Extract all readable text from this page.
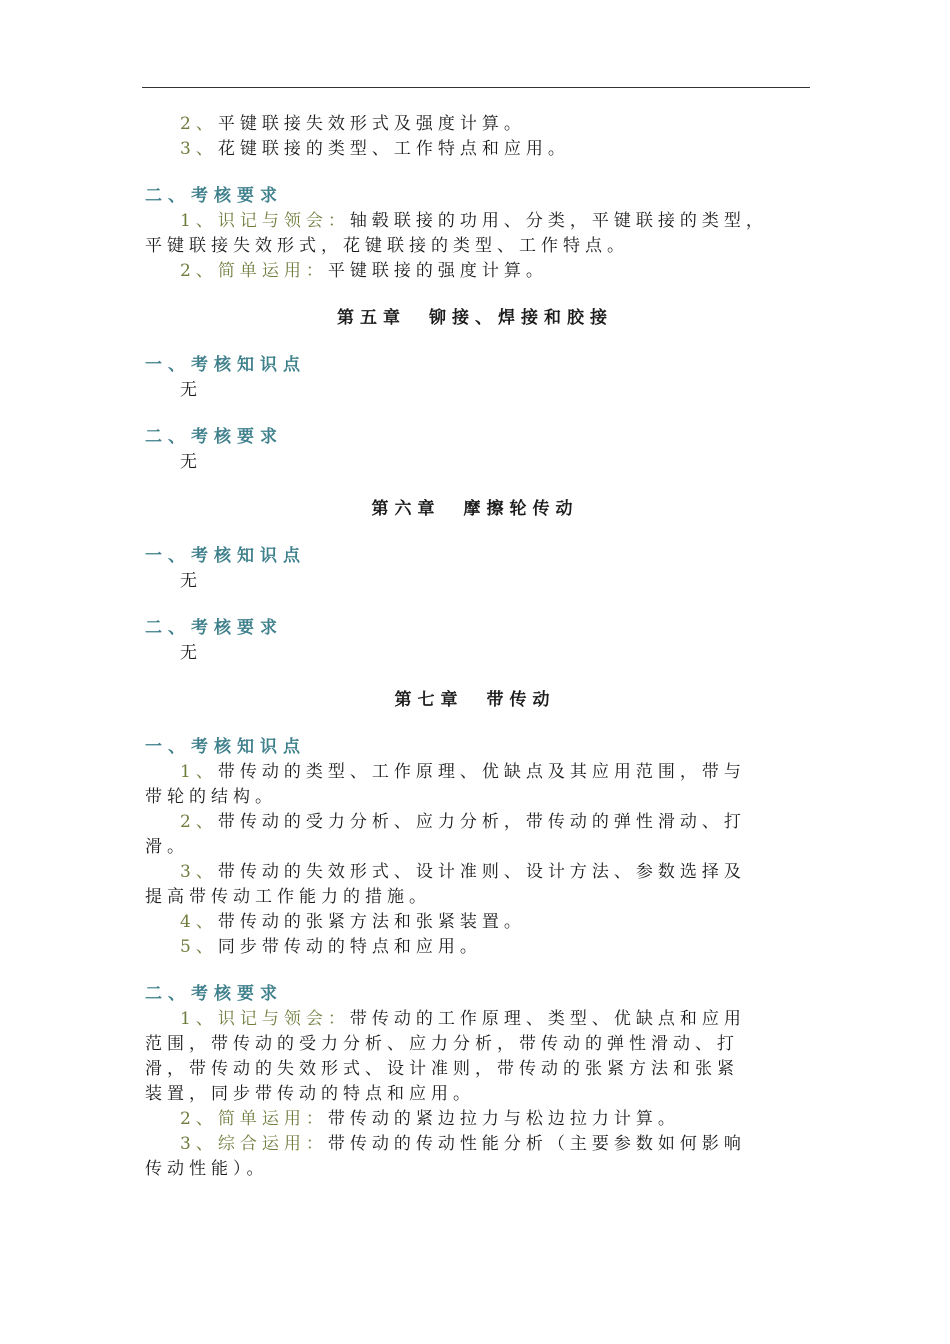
2、平键联接失效形式及强度计算。
3、花键联接的类型、工作特点和应用。
二、考核要求
1、识记与领会：轴毂联接的功用、分类，平键联接的类型，
平键联接失效形式，花键联接的类型、工作特点。
2、简单运用：平键联接的强度计算。
第五章　铆接、焊接和胶接
一、考核知识点
无
二、考核要求
无
第六章　摩擦轮传动
一、考核知识点
无
二、考核要求
无
第七章　带传动
一、考核知识点
1、带传动的类型、工作原理、优缺点及其应用范围，带与
带轮的结构。
2、带传动的受力分析、应力分析，带传动的弹性滑动、打
滑。
3、带传动的失效形式、设计准则、设计方法、参数选择及
提高带传动工作能力的措施。
4、带传动的张紧方法和张紧装置。
5、同步带传动的特点和应用。
二、考核要求
1、识记与领会：带传动的工作原理、类型、优缺点和应用
范围，带传动的受力分析、应力分析，带传动的弹性滑动、打
滑，带传动的失效形式、设计准则，带传动的张紧方法和张紧
装置，同步带传动的特点和应用。
2、简单运用：带传动的紧边拉力与松边拉力计算。
3、综合运用：带传动的传动性能分析（主要参数如何影响
传动性能）。
